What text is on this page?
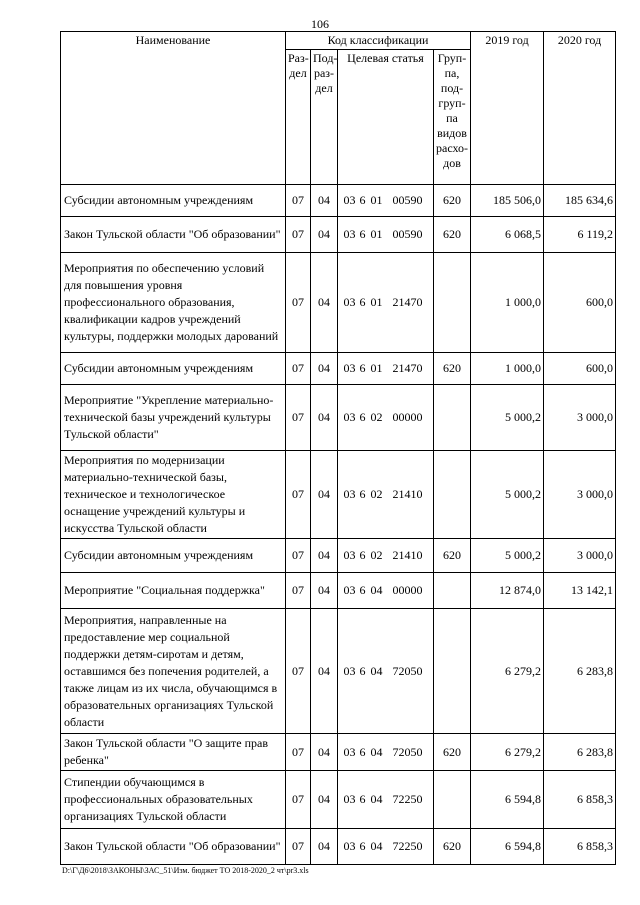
106
Наименование	Код классификации				2019 год	2020 год
	Раз-дел	Под-раз-дел	Целевая статья	Груп-па, под-груп-па видов расхо-дов		
Субсидии автономным учреждениям	07	04	03 6 01 00590	620	185 506,0	185 634,6
Закон Тульской области "Об образовании"	07	04	03 6 01 00590	620	6 068,5	6 119,2
Мероприятия по обеспечению условий для повышения уровня профессионального образования, квалификации кадров учреждений культуры, поддержки молодых дарований	07	04	03 6 01 21470		1 000,0	600,0
Субсидии автономным учреждениям	07	04	03 6 01 21470	620	1 000,0	600,0
Мероприятие "Укрепление материально-технической базы учреждений культуры Тульской области"	07	04	03 6 02 00000		5 000,2	3 000,0
Мероприятия по модернизации материально-технической базы, техническое и технологическое оснащение учреждений культуры и искусства Тульской области	07	04	03 6 02 21410		5 000,2	3 000,0
Субсидии автономным учреждениям	07	04	03 6 02 21410	620	5 000,2	3 000,0
Мероприятие "Социальная поддержка"	07	04	03 6 04 00000		12 874,0	13 142,1
Мероприятия, направленные на предоставление мер социальной поддержки детям-сиротам и детям, оставшимся без попечения родителей, а также лицам из их числа, обучающимся в образовательных организациях Тульской области	07	04	03 6 04 72050		6 279,2	6 283,8
Закон Тульской области "О защите прав ребенка"	07	04	03 6 04 72050	620	6 279,2	6 283,8
Стипендии обучающимся в профессиональных образовательных организациях Тульской области	07	04	03 6 04 72250		6 594,8	6 858,3
Закон Тульской области "Об образовании"	07	04	03 6 04 72250	620	6 594,8	6 858,3
D:\Г\Д6\2018\ЗАКОНЫ\ЗАС_51\Изм. бюджет ТО 2018-2020_2 чт\pr3.xls
